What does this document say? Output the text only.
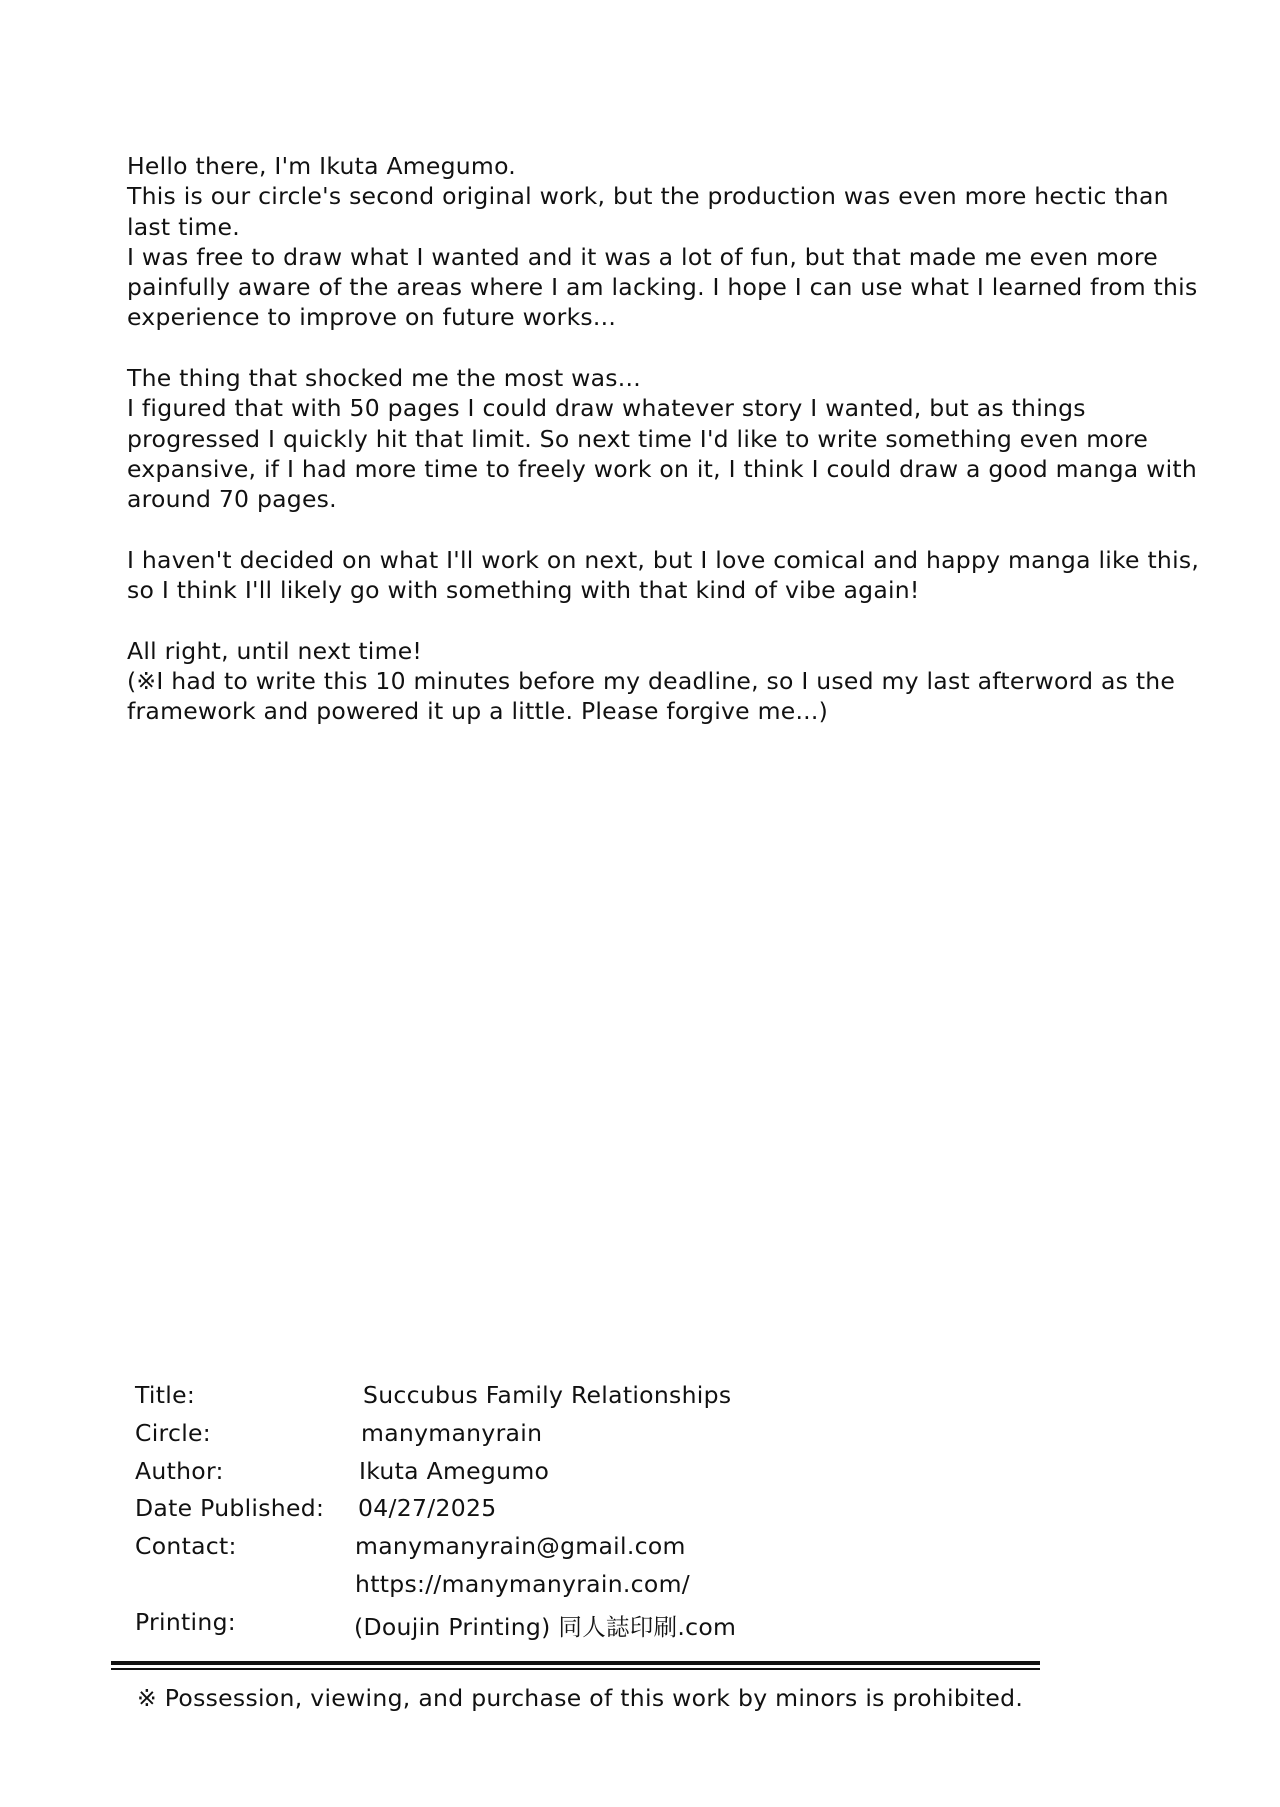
Hello there, I'm Ikuta Amegumo.

This is our circle's second original work, but the production was even more hectic than last time.

I was free to draw what I wanted and it was a lot of fun, but that made me even more painfully aware of the areas where I am lacking. I hope I can use what I learned from this experience to improve on future works...

The thing that shocked me the most was...

I figured that with 50 pages I could draw whatever story I wanted, but as things progressed I quickly hit that limit. So next time I'd like to write something even more expansive, if I had more time to freely work on it, I think I could draw a good manga with around 70 pages.

I haven't decided on what I'll work on next, but I love comical and happy manga like this, so I think I'll likely go with something with that kind of vibe again!

All right, until next time!

(※I had to write this 10 minutes before my deadline, so I used my last afterword as the framework and powered it up a little. Please forgive me...)

Title:	Succubus Family Relationships
Circle:	manymanyrain
Author:	Ikuta Amegumo
Date Published: 04/27/2025
Contact:	manymanyrain@gmail.com
https://manymanyrain.com/
Printing:	(Doujin Printing) 同人誌印刷.com
※ Possession, viewing, and purchase of this work by minors is prohibited.
